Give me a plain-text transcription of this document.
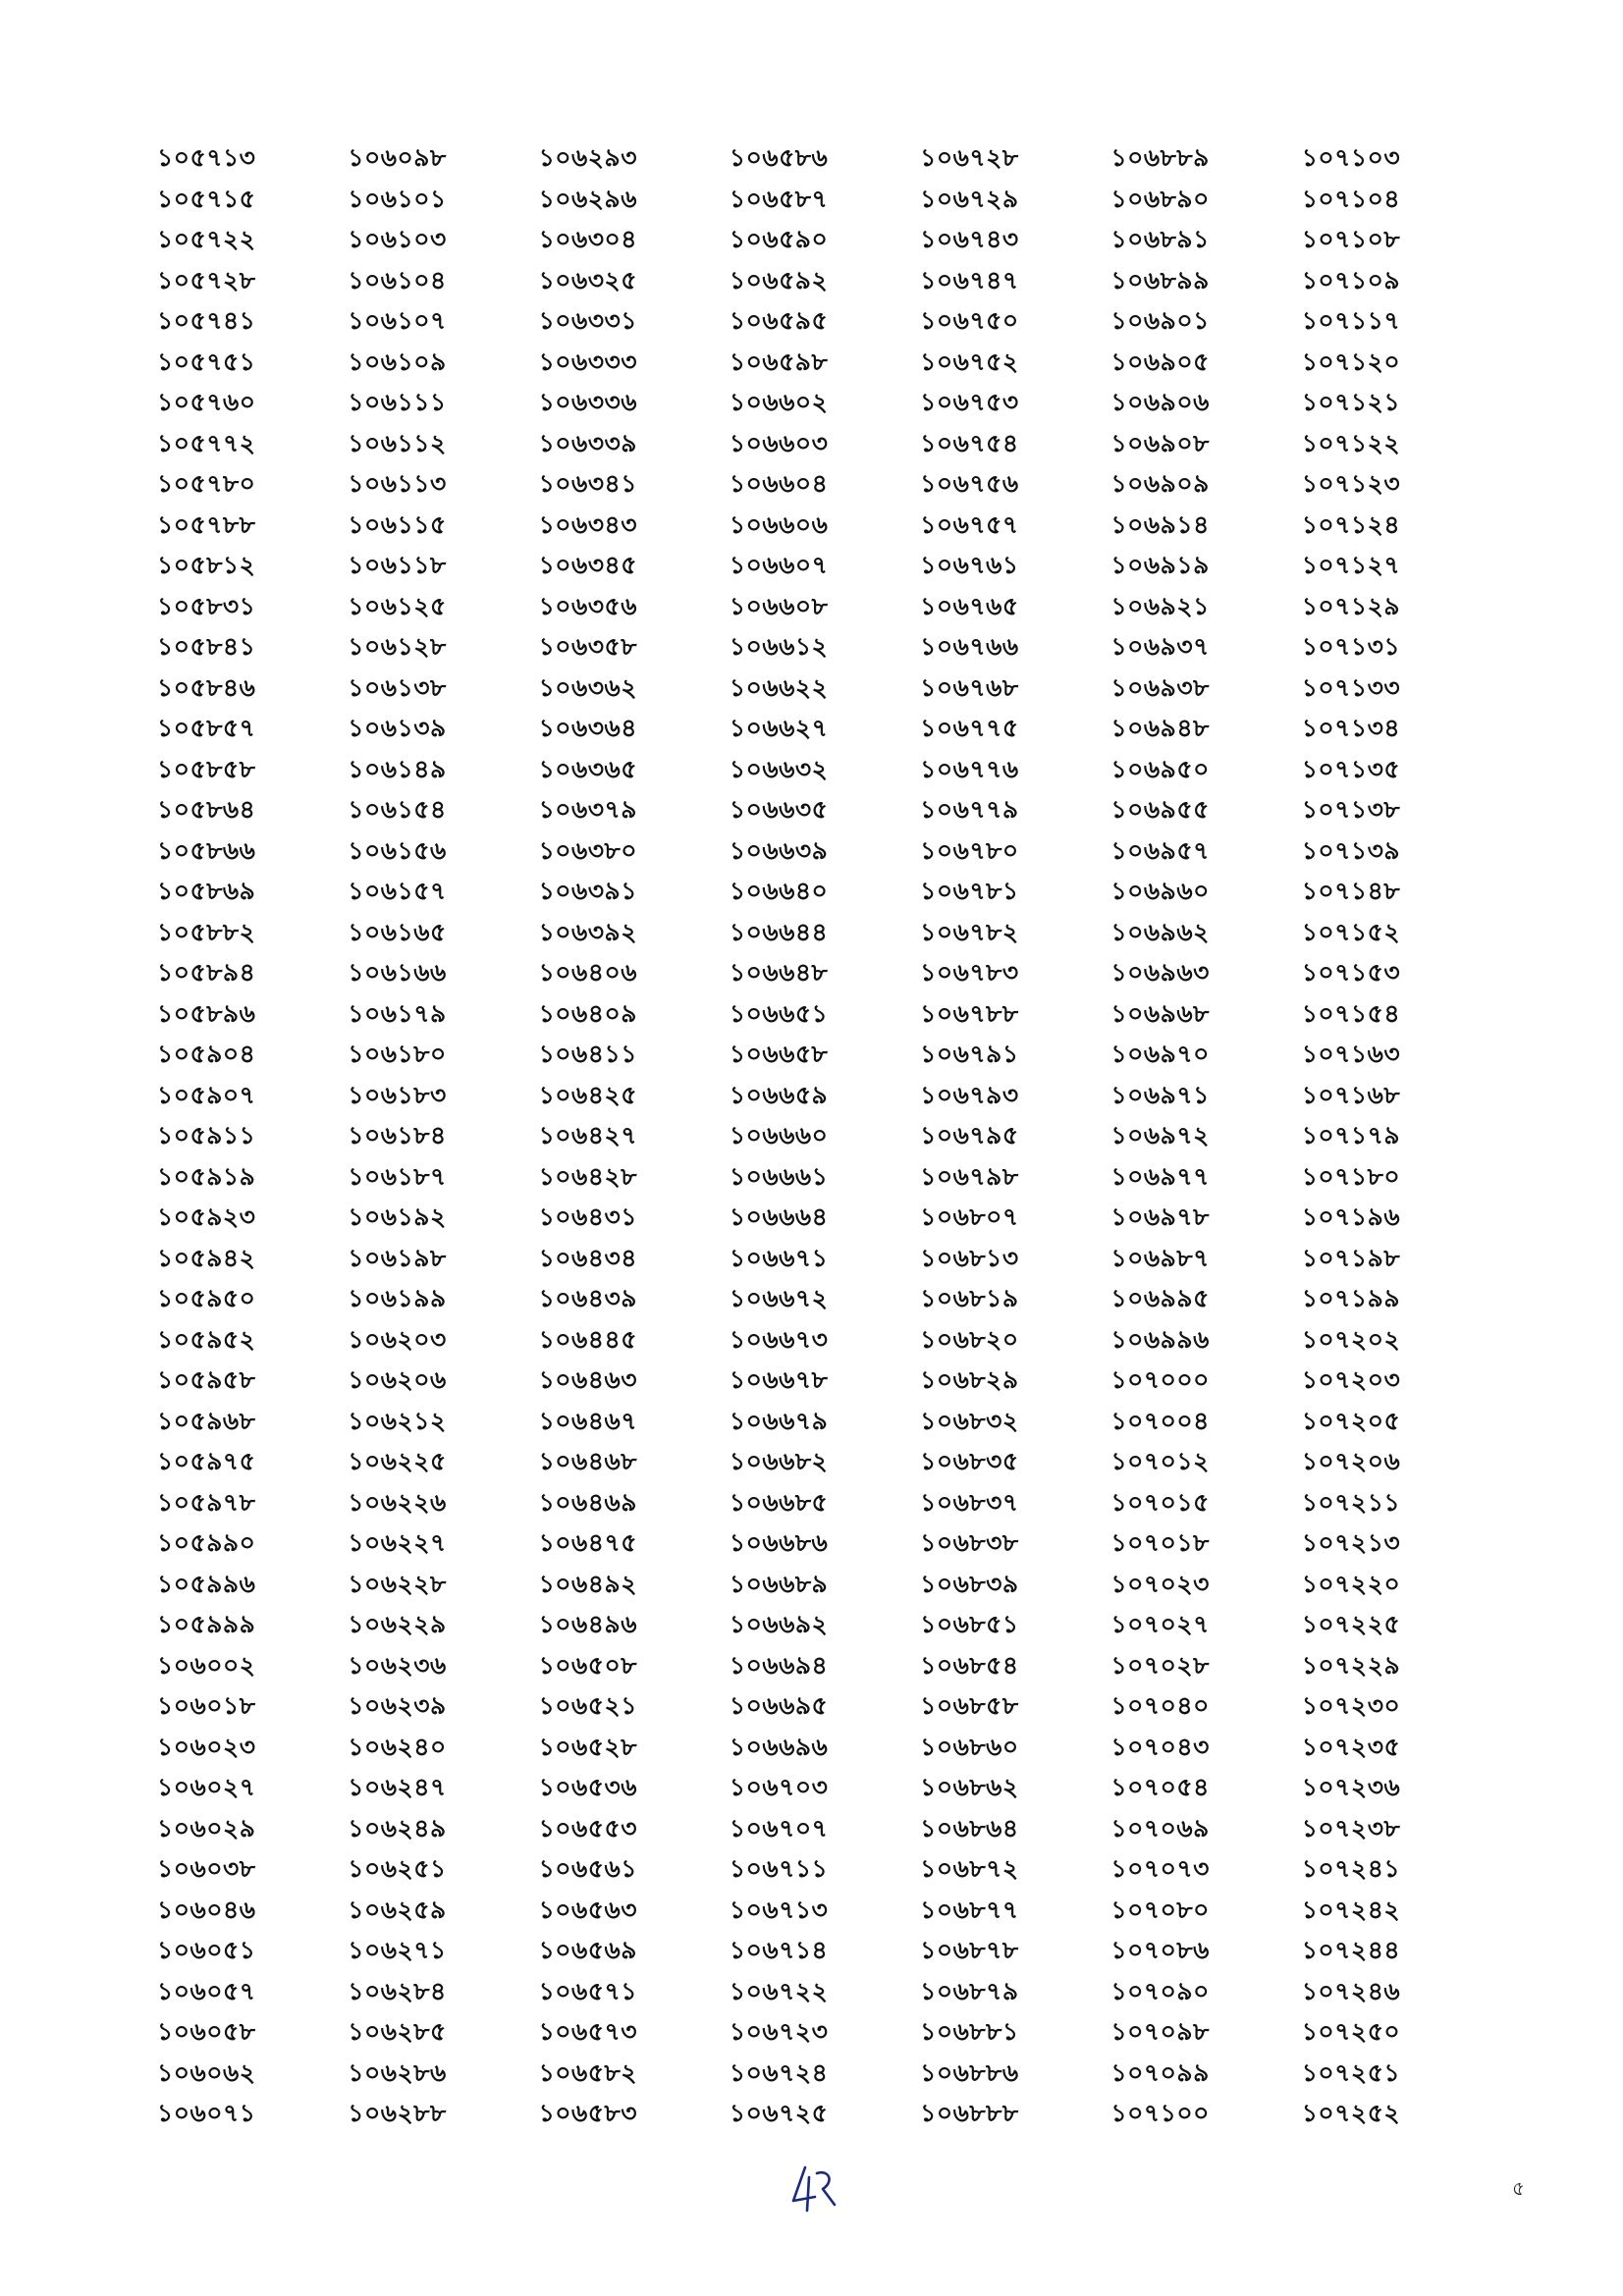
১০৫৭১৩
১০৫৭১৫
১০৫৭২২
১০৫৭২৮
১০৫৭৪১
১০৫৭৫১
১০৫৭৬০
১০৫৭৭২
১০৫৭৮০
১০৫৭৮৮
১০৫৮১২
১০৫৮৩১
১০৫৮৪১
১০৫৮৪৬
১০৫৮৫৭
১০৫৮৫৮
১০৫৮৬৪
১০৫৮৬৬
১০৫৮৬৯
১০৫৮৮২
১০৫৮৯৪
১০৫৮৯৬
১০৫৯০৪
১০৫৯০৭
১০৫৯১১
১০৫৯১৯
১০৫৯২৩
১০৫৯৪২
১০৫৯৫০
১০৫৯৫২
১০৫৯৫৮
১০৫৯৬৮
১০৫৯৭৫
১০৫৯৭৮
১০৫৯৯০
১০৫৯৯৬
১০৫৯৯৯
১০৬০০২
১০৬০১৮
১০৬০২৩
১০৬০২৭
১০৬০২৯
১০৬০৩৮
১০৬০৪৬
১০৬০৫১
১০৬০৫৭
১০৬০৫৮
১০৬০৬২
১০৬০৭১
১০৬০৯৮
১০৬১০১
১০৬১০৩
১০৬১০৪
১০৬১০৭
১০৬১০৯
১০৬১১১
১০৬১১২
১০৬১১৩
১০৬১১৫
১০৬১১৮
১০৬১২৫
১০৬১২৮
১০৬১৩৮
১০৬১৩৯
১০৬১৪৯
১০৬১৫৪
১০৬১৫৬
১০৬১৫৭
১০৬১৬৫
১০৬১৬৬
১০৬১৭৯
১০৬১৮০
১০৬১৮৩
১০৬১৮৪
১০৬১৮৭
১০৬১৯২
১০৬১৯৮
১০৬১৯৯
১০৬২০৩
১০৬২০৬
১০৬২১২
১০৬২২৫
১০৬২২৬
১০৬২২৭
১০৬২২৮
১০৬২২৯
১০৬২৩৬
১০৬২৩৯
১০৬২৪০
১০৬২৪৭
১০৬২৪৯
১০৬২৫১
১০৬২৫৯
১০৬২৭১
১০৬২৮৪
১০৬২৮৫
১০৬২৮৬
১০৬২৮৮
১০৬২৯৩
১০৬২৯৬
১০৬৩০৪
১০৬৩২৫
১০৬৩৩১
১০৬৩৩৩
১০৬৩৩৬
১০৬৩৩৯
১০৬৩৪১
১০৬৩৪৩
১০৬৩৪৫
১০৬৩৫৬
১০৬৩৫৮
১০৬৩৬২
১০৬৩৬৪
১০৬৩৬৫
১০৬৩৭৯
১০৬৩৮০
১০৬৩৯১
১০৬৩৯২
১০৬৪০৬
১০৬৪০৯
১০৬৪১১
১০৬৪২৫
১০৬৪২৭
১০৬৪২৮
১০৬৪৩১
১০৬৪৩৪
১০৬৪৩৯
১০৬৪৪৫
১০৬৪৬৩
১০৬৪৬৭
১০৬৪৬৮
১০৬৪৬৯
১০৬৪৭৫
১০৬৪৯২
১০৬৪৯৬
১০৬৫০৮
১০৬৫২১
১০৬৫২৮
১০৬৫৩৬
১০৬৫৫৩
১০৬৫৬১
১০৬৫৬৩
১০৬৫৬৯
১০৬৫৭১
১০৬৫৭৩
১০৬৫৮২
১০৬৫৮৩
১০৬৫৮৬
১০৬৫৮৭
১০৬৫৯০
১০৬৫৯২
১০৬৫৯৫
১০৬৫৯৮
১০৬৬০২
১০৬৬০৩
১০৬৬০৪
১০৬৬০৬
১০৬৬০৭
১০৬৬০৮
১০৬৬১২
১০৬৬২২
১০৬৬২৭
১০৬৬৩২
১০৬৬৩৫
১০৬৬৩৯
১০৬৬৪০
১০৬৬৪৪
১০৬৬৪৮
১০৬৬৫১
১০৬৬৫৮
১০৬৬৫৯
১০৬৬৬০
১০৬৬৬১
১০৬৬৬৪
১০৬৬৭১
১০৬৬৭২
১০৬৬৭৩
১০৬৬৭৮
১০৬৬৭৯
১০৬৬৮২
১০৬৬৮৫
১০৬৬৮৬
১০৬৬৮৯
১০৬৬৯২
১০৬৬৯৪
১০৬৬৯৫
১০৬৬৯৬
১০৬৭০৩
১০৬৭০৭
১০৬৭১১
১০৬৭১৩
১০৬৭১৪
১০৬৭২২
১০৬৭২৩
১০৬৭২৪
১০৬৭২৫
১০৬৭২৮
১০৬৭২৯
১০৬৭৪৩
১০৬৭৪৭
১০৬৭৫০
১০৬৭৫২
১০৬৭৫৩
১০৬৭৫৪
১০৬৭৫৬
১০৬৭৫৭
১০৬৭৬১
১০৬৭৬৫
১০৬৭৬৬
১০৬৭৬৮
১০৬৭৭৫
১০৬৭৭৬
১০৬৭৭৯
১০৬৭৮০
১০৬৭৮১
১০৬৭৮২
১০৬৭৮৩
১০৬৭৮৮
১০৬৭৯১
১০৬৭৯৩
১০৬৭৯৫
১০৬৭৯৮
১০৬৮০৭
১০৬৮১৩
১০৬৮১৯
১০৬৮২০
১০৬৮২৯
১০৬৮৩২
১০৬৮৩৫
১০৬৮৩৭
১০৬৮৩৮
১০৬৮৩৯
১০৬৮৫১
১০৬৮৫৪
১০৬৮৫৮
১০৬৮৬০
১০৬৮৬২
১০৬৮৬৪
১০৬৮৭২
১০৬৮৭৭
১০৬৮৭৮
১০৬৮৭৯
১০৬৮৮১
১০৬৮৮৬
১০৬৮৮৮
১০৬৮৮৯
১০৬৮৯০
১০৬৮৯১
১০৬৮৯৯
১০৬৯০১
১০৬৯০৫
১০৬৯০৬
১০৬৯০৮
১০৬৯০৯
১০৬৯১৪
১০৬৯১৯
১০৬৯২১
১০৬৯৩৭
১০৬৯৩৮
১০৬৯৪৮
১০৬৯৫০
১০৬৯৫৫
১০৬৯৫৭
১০৬৯৬০
১০৬৯৬২
১০৬৯৬৩
১০৬৯৬৮
১০৬৯৭০
১০৬৯৭১
১০৬৯৭২
১০৬৯৭৭
১০৬৯৭৮
১০৬৯৮৭
১০৬৯৯৫
১০৬৯৯৬
১০৭০০০
১০৭০০৪
১০৭০১২
১০৭০১৫
১০৭০১৮
১০৭০২৩
১০৭০২৭
১০৭০২৮
১০৭০৪০
১০৭০৪৩
১০৭০৫৪
১০৭০৬৯
১০৭০৭৩
১০৭০৮০
১০৭০৮৬
১০৭০৯০
১০৭০৯৮
১০৭০৯৯
১০৭১০০
১০৭১০৩
১০৭১০৪
১০৭১০৮
১০৭১০৯
১০৭১১৭
১০৭১২০
১০৭১২১
১০৭১২২
১০৭১২৩
১০৭১২৪
১০৭১২৭
১০৭১২৯
১০৭১৩১
১০৭১৩৩
১০৭১৩৪
১০৭১৩৫
১০৭১৩৮
১০৭১৩৯
১০৭১৪৮
১০৭১৫২
১০৭১৫৩
১০৭১৫৪
১০৭১৬৩
১০৭১৬৮
১০৭১৭৯
১০৭১৮০
১০৭১৯৬
১০৭১৯৮
১০৭১৯৯
১০৭২০২
১০৭২০৩
১০৭২০৫
১০৭২০৬
১০৭২১১
১০৭২১৩
১০৭২২০
১০৭২২৫
১০৭২২৯
১০৭২৩০
১০৭২৩৫
১০৭২৩৬
১০৭২৩৮
১০৭২৪১
১০৭২৪২
১০৭২৪৪
১০৭২৪৬
১০৭২৫০
১০৭২৫১
১০৭২৫২
৫
